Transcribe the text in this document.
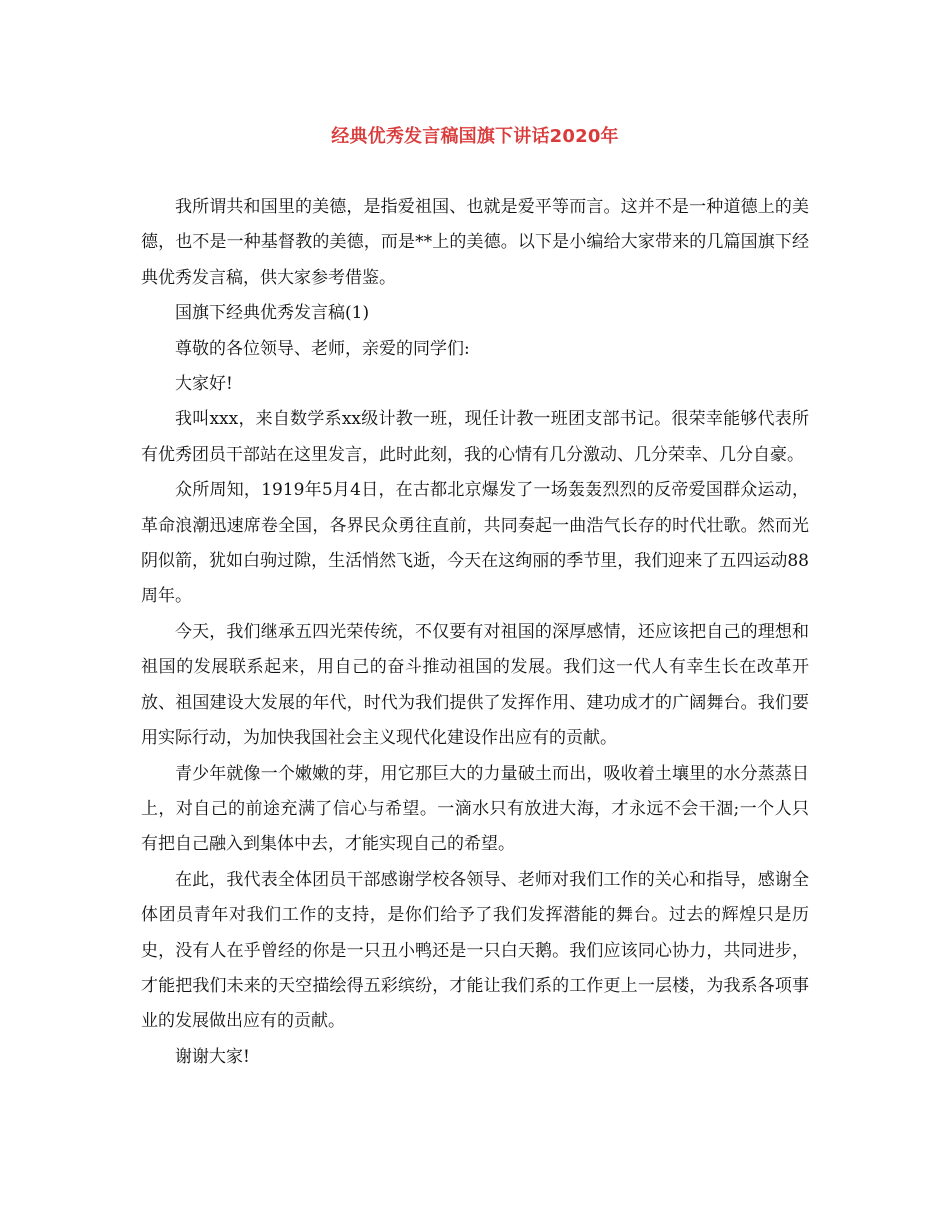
经典优秀发言稿国旗下讲话2020年

我所谓共和国里的美德，是指爱祖国、也就是爱平等而言。这并不是一种道德上的美德，也不是一种基督教的美德，而是**上的美德。以下是小编给大家带来的几篇国旗下经典优秀发言稿，供大家参考借鉴。

国旗下经典优秀发言稿(1)

尊敬的各位领导、老师，亲爱的同学们:

大家好!

我叫xxx，来自数学系xx级计教一班，现任计教一班团支部书记。很荣幸能够代表所有优秀团员干部站在这里发言，此时此刻，我的心情有几分激动、几分荣幸、几分自豪。

众所周知，1919年5月4日，在古都北京爆发了一场轰轰烈烈的反帝爱国群众运动，革命浪潮迅速席卷全国，各界民众勇往直前，共同奏起一曲浩气长存的时代壮歌。然而光阴似箭，犹如白驹过隙，生活悄然飞逝，今天在这绚丽的季节里，我们迎来了五四运动88周年。

今天，我们继承五四光荣传统，不仅要有对祖国的深厚感情，还应该把自己的理想和祖国的发展联系起来，用自己的奋斗推动祖国的发展。我们这一代人有幸生长在改革开放、祖国建设大发展的年代，时代为我们提供了发挥作用、建功成才的广阔舞台。我们要用实际行动，为加快我国社会主义现代化建设作出应有的贡献。

青少年就像一个嫩嫩的芽，用它那巨大的力量破土而出，吸收着土壤里的水分蒸蒸日上，对自己的前途充满了信心与希望。一滴水只有放进大海，才永远不会干涸;一个人只有把自己融入到集体中去，才能实现自己的希望。

在此，我代表全体团员干部感谢学校各领导、老师对我们工作的关心和指导，感谢全体团员青年对我们工作的支持，是你们给予了我们发挥潜能的舞台。过去的辉煌只是历史，没有人在乎曾经的你是一只丑小鸭还是一只白天鹅。我们应该同心协力，共同进步，才能把我们未来的天空描绘得五彩缤纷，才能让我们系的工作更上一层楼，为我系各项事业的发展做出应有的贡献。

谢谢大家!
